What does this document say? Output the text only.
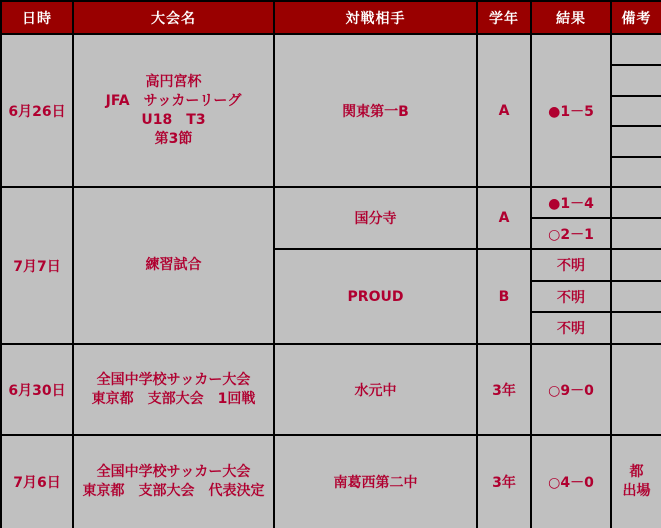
日時	大会名	対戦相手	学年	結果	備考
6月26日	高円宮杯
JFA　サッカーリーグ
U18　T3
第3節	関東第一B	A	●1－5	

7月7日	練習試合	国分寺	A	●1－4	
				○2－1	
		PROUD	B	不明	
				不明	
				不明	
6月30日	全国中学校サッカー大会
東京都　支部大会　1回戦	水元中	3年	○9－0	
7月6日	全国中学校サッカー大会
東京都　支部大会　代表決定	南葛西第二中	3年	○4－0	都
出場
